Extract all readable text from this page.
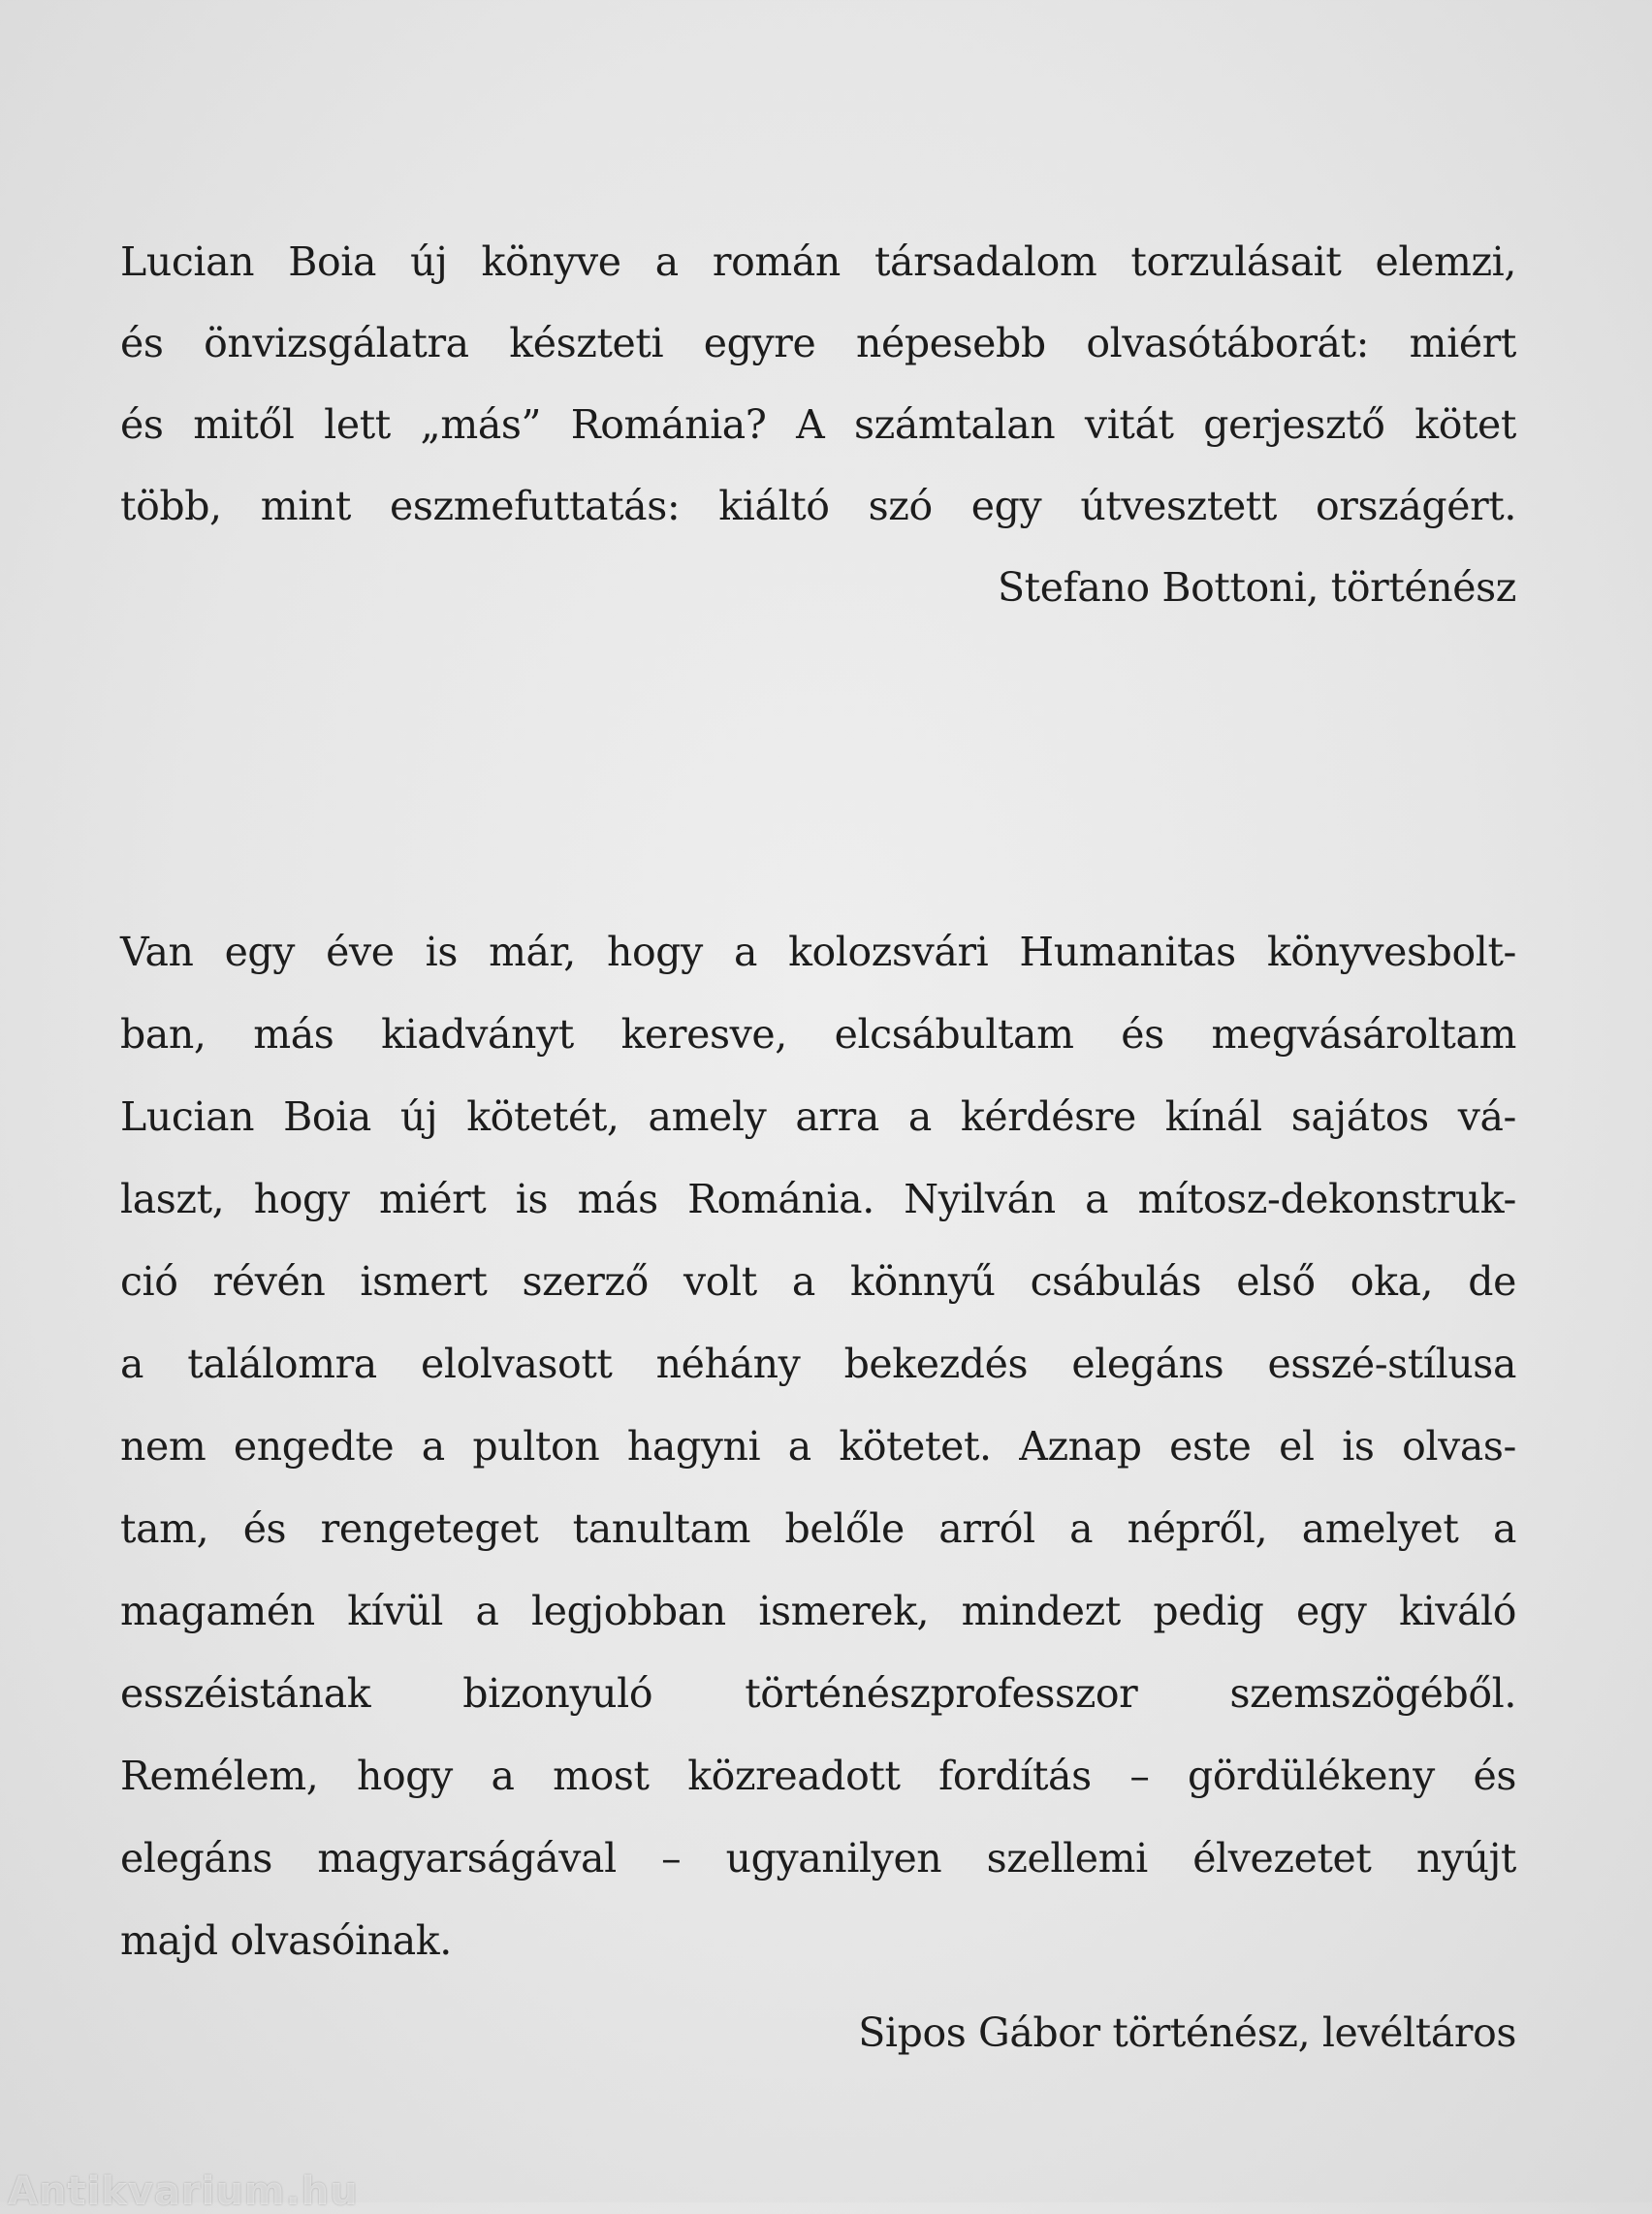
Lucian Boia új könyve a román társadalom torzulásait elemzi,
és önvizsgálatra készteti egyre népesebb olvasótáborát: miért
és mitől lett „más” Románia? A számtalan vitát gerjesztő kötet
több, mint eszmefuttatás: kiáltó szó egy útvesztett országért.
Stefano Bottoni, történész
Van egy éve is már, hogy a kolozsvári Humanitas könyvesbolt-
ban, más kiadványt keresve, elcsábultam és megvásároltam
Lucian Boia új kötetét, amely arra a kérdésre kínál sajátos vá-
laszt, hogy miért is más Románia. Nyilván a mítosz-dekonstruk-
ció révén ismert szerző volt a könnyű csábulás első oka, de
a találomra elolvasott néhány bekezdés elegáns esszé-stílusa
nem engedte a pulton hagyni a kötetet. Aznap este el is olvas-
tam, és rengeteget tanultam belőle arról a népről, amelyet a
magamén kívül a legjobban ismerek, mindezt pedig egy kiváló
esszéistának bizonyuló történészprofesszor szemszögéből.
Remélem, hogy a most közreadott fordítás – gördülékeny és
elegáns magyarságával – ugyanilyen szellemi élvezetet nyújt
majd olvasóinak.
Sipos Gábor történész, levéltáros
Antikvarium.hu
